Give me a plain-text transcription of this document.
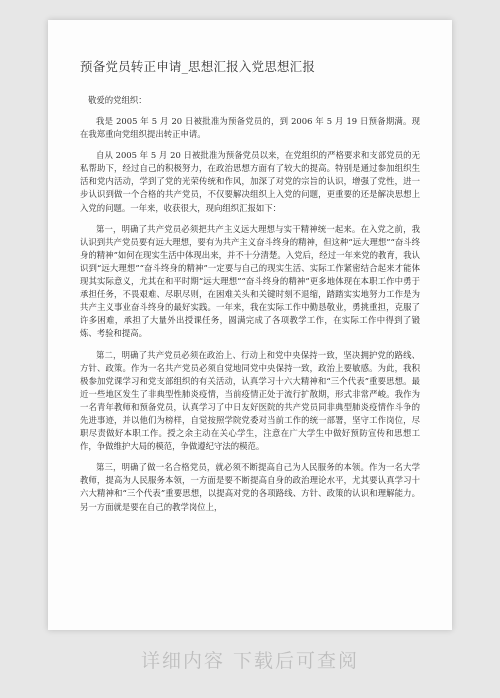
预备党员转正申请_思想汇报入党思想汇报

敬爱的党组织：

我是 2005 年 5 月 20 日被批准为预备党员的，到 2006 年 5 月 19 日预备期满。现在我郑重向党组织提出转正申请。

自从 2005 年 5 月 20 日被批准为预备党员以来，在党组织的严格要求和支部党员的无私帮助下，经过自己的积极努力，在政治思想方面有了较大的提高。特别是通过参加组织生活和党内活动，学到了党的光荣传统和作风，加深了对党的宗旨的认识，增强了党性，进一步认识到做一个合格的共产党员，不仅要解决组织上入党的问题，更重要的还是解决思想上入党的问题。一年来，收获很大，现向组织汇报如下：

第一，明确了共产党员必须把共产主义远大理想与实干精神统一起来。在入党之前，我认识到共产党员要有远大理想，要有为共产主义奋斗终身的精神，但这种“远大理想”“奋斗终身的精神”如何在现实生活中体现出来，并不十分清楚。入党后，经过一年来党的教育，我认识到“远大理想”“奋斗终身的精神”一定要与自己的现实生活、实际工作紧密结合起来才能体现其实际意义，尤其在和平时期“远大理想”“奋斗终身的精神”更多地体现在本职工作中勇于承担任务，不畏艰难、尽职尽则，在困难关头和关键时刻不退缩，踏踏实实地努力工作是为共产主义事业奋斗终身的最好实践。一年来，我在实际工作中勤恳敬业，勇挑重担，克服了许多困难，承担了大量外出授课任务，圆满完成了各项教学工作，在实际工作中得到了锻炼、考验和提高。

第二，明确了共产党员必须在政治上、行动上和党中央保持一致，坚决拥护党的路线、方针、政策。作为一名共产党员必须自觉地同党中央保持一致，政治上要敏感。为此，我积极参加党课学习和党支部组织的有关活动，认真学习十六大精神和“三个代表”重要思想。最近一些地区发生了非典型性肺炎疫情，当前疫情正处于流行扩散期，形式非常严峻。我作为一名青年教师和预备党员，认真学习了中日友好医院的共产党员同非典型肺炎疫情作斗争的先进事迹，并以他们为榜样，自觉按照学院党委对当前工作的统一部署，坚守工作岗位，尽职尽责做好本职工作。授之余主动在关心学生，注意在广大学生中做好预防宣传和思想工作，争做维护大局的模范，争做遵纪守法的模范。

第三，明确了做一名合格党员，就必须不断提高自己为人民服务的本领。作为一名大学教师，提高为人民服务本领，一方面是要不断提高自身的政治理论水平，尤其要认真学习十六大精神和“三个代表”重要思想，以提高对党的各项路线、方针、政策的认识和理解能力。另一方面就是要在自己的教学岗位上，

详细内容 下载后可查阅
